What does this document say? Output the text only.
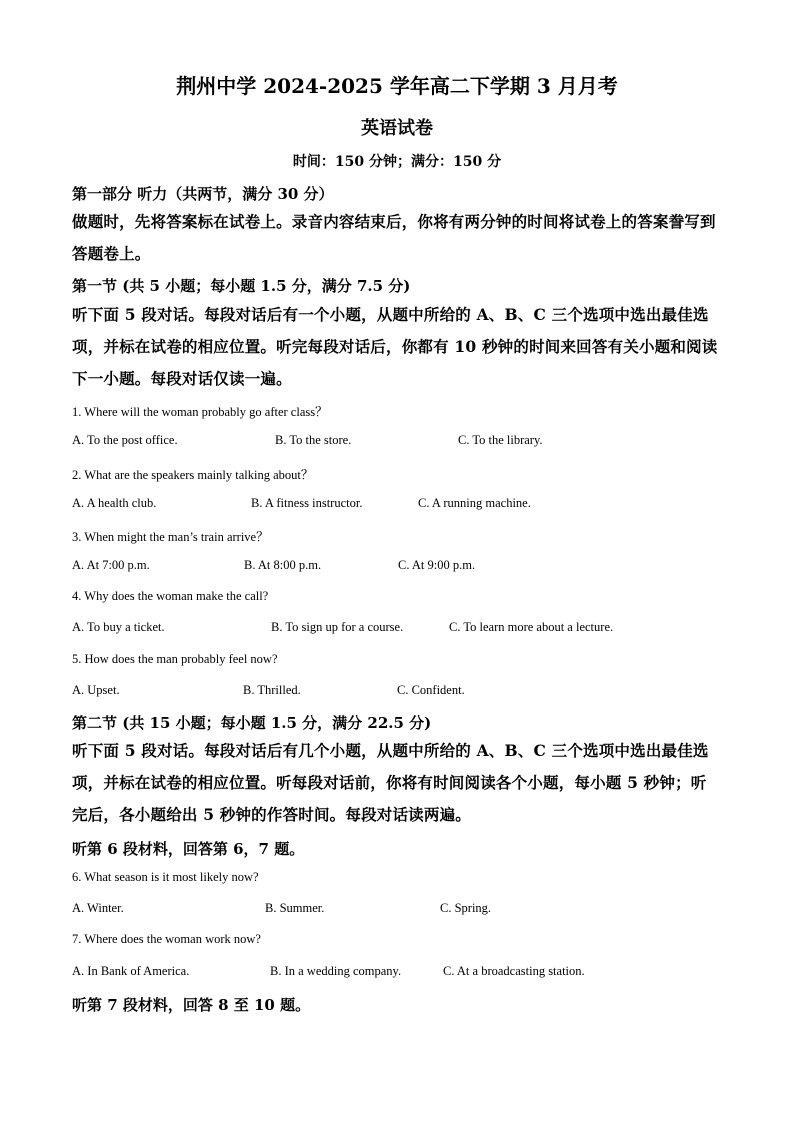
荆州中学 2024-2025 学年高二下学期 3 月月考
英语试卷
时间：150 分钟；满分：150 分
第一部分 听力（共两节，满分 30 分）
做题时，先将答案标在试卷上。录音内容结束后，你将有两分钟的时间将试卷上的答案誊写到答题卷上。
第一节 (共 5 小题；每小题 1.5 分，满分 7.5 分)
听下面 5 段对话。每段对话后有一个小题，从题中所给的 A、B、C 三个选项中选出最佳选项，并标在试卷的相应位置。听完每段对话后，你都有 10 秒钟的时间来回答有关小题和阅读下一小题。每段对话仅读一遍。
1. Where will the woman probably go after class？
A. To the post office.	B. To the store.	C. To the library.
2. What are the speakers mainly talking about？
A. A health club.	B. A fitness instructor.	C. A running machine.
3. When might the man’s train arrive？
A. At 7:00 p.m.	B. At 8:00 p.m.	C. At 9:00 p.m.
4. Why does the woman make the call?
A. To buy a ticket.	B. To sign up for a course.	C. To learn more about a lecture.
5. How does the man probably feel now?
A. Upset.	B. Thrilled.	C. Confident.
第二节 (共 15 小题；每小题 1.5 分，满分 22.5 分)
听下面 5 段对话。每段对话后有几个小题，从题中所给的 A、B、C 三个选项中选出最佳选项，并标在试卷的相应位置。听每段对话前，你将有时间阅读各个小题，每小题 5 秒钟；听完后，各小题给出 5 秒钟的作答时间。每段对话读两遍。
听第 6 段材料，回答第 6，7 题。
6. What season is it most likely now?
A. Winter.	B. Summer.	C. Spring.
7. Where does the woman work now?
A. In Bank of America.	B. In a wedding company.	C. At a broadcasting station.
听第 7 段材料，回答 8 至 10 题。
